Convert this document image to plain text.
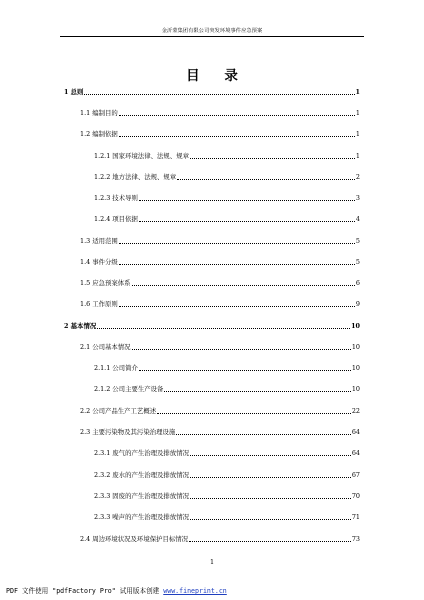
金沂蒙集团有限公司突发环境事件应急预案
目 录
1 总则	1
1.1 编制目的	1
1.2 编制依据	1
1.2.1 国家环境法律、法规、规章	1
1.2.2 地方法律、法规、规章	2
1.2.3 技术导则	3
1.2.4 项目依据	4
1.3 适用范围	5
1.4 事件分级	5
1.5 应急预案体系	6
1.6 工作原则	9
2 基本情况	10
2.1 公司基本情况	10
2.1.1 公司简介	10
2.1.2 公司主要生产设备	10
2.2 公司产品生产工艺概述	22
2.3 主要污染物及其污染治理设施	64
2.3.1 废气的产生治理及排放情况	64
2.3.2 废水的产生治理及排放情况	67
2.3.3 固废的产生治理及排放情况	70
2.3.3 噪声的产生治理及排放情况	71
2.4 周边环境状况及环境保护目标情况	73
1
PDF 文件使用 "pdfFactory Pro" 试用版本创建 www.fineprint.cn
